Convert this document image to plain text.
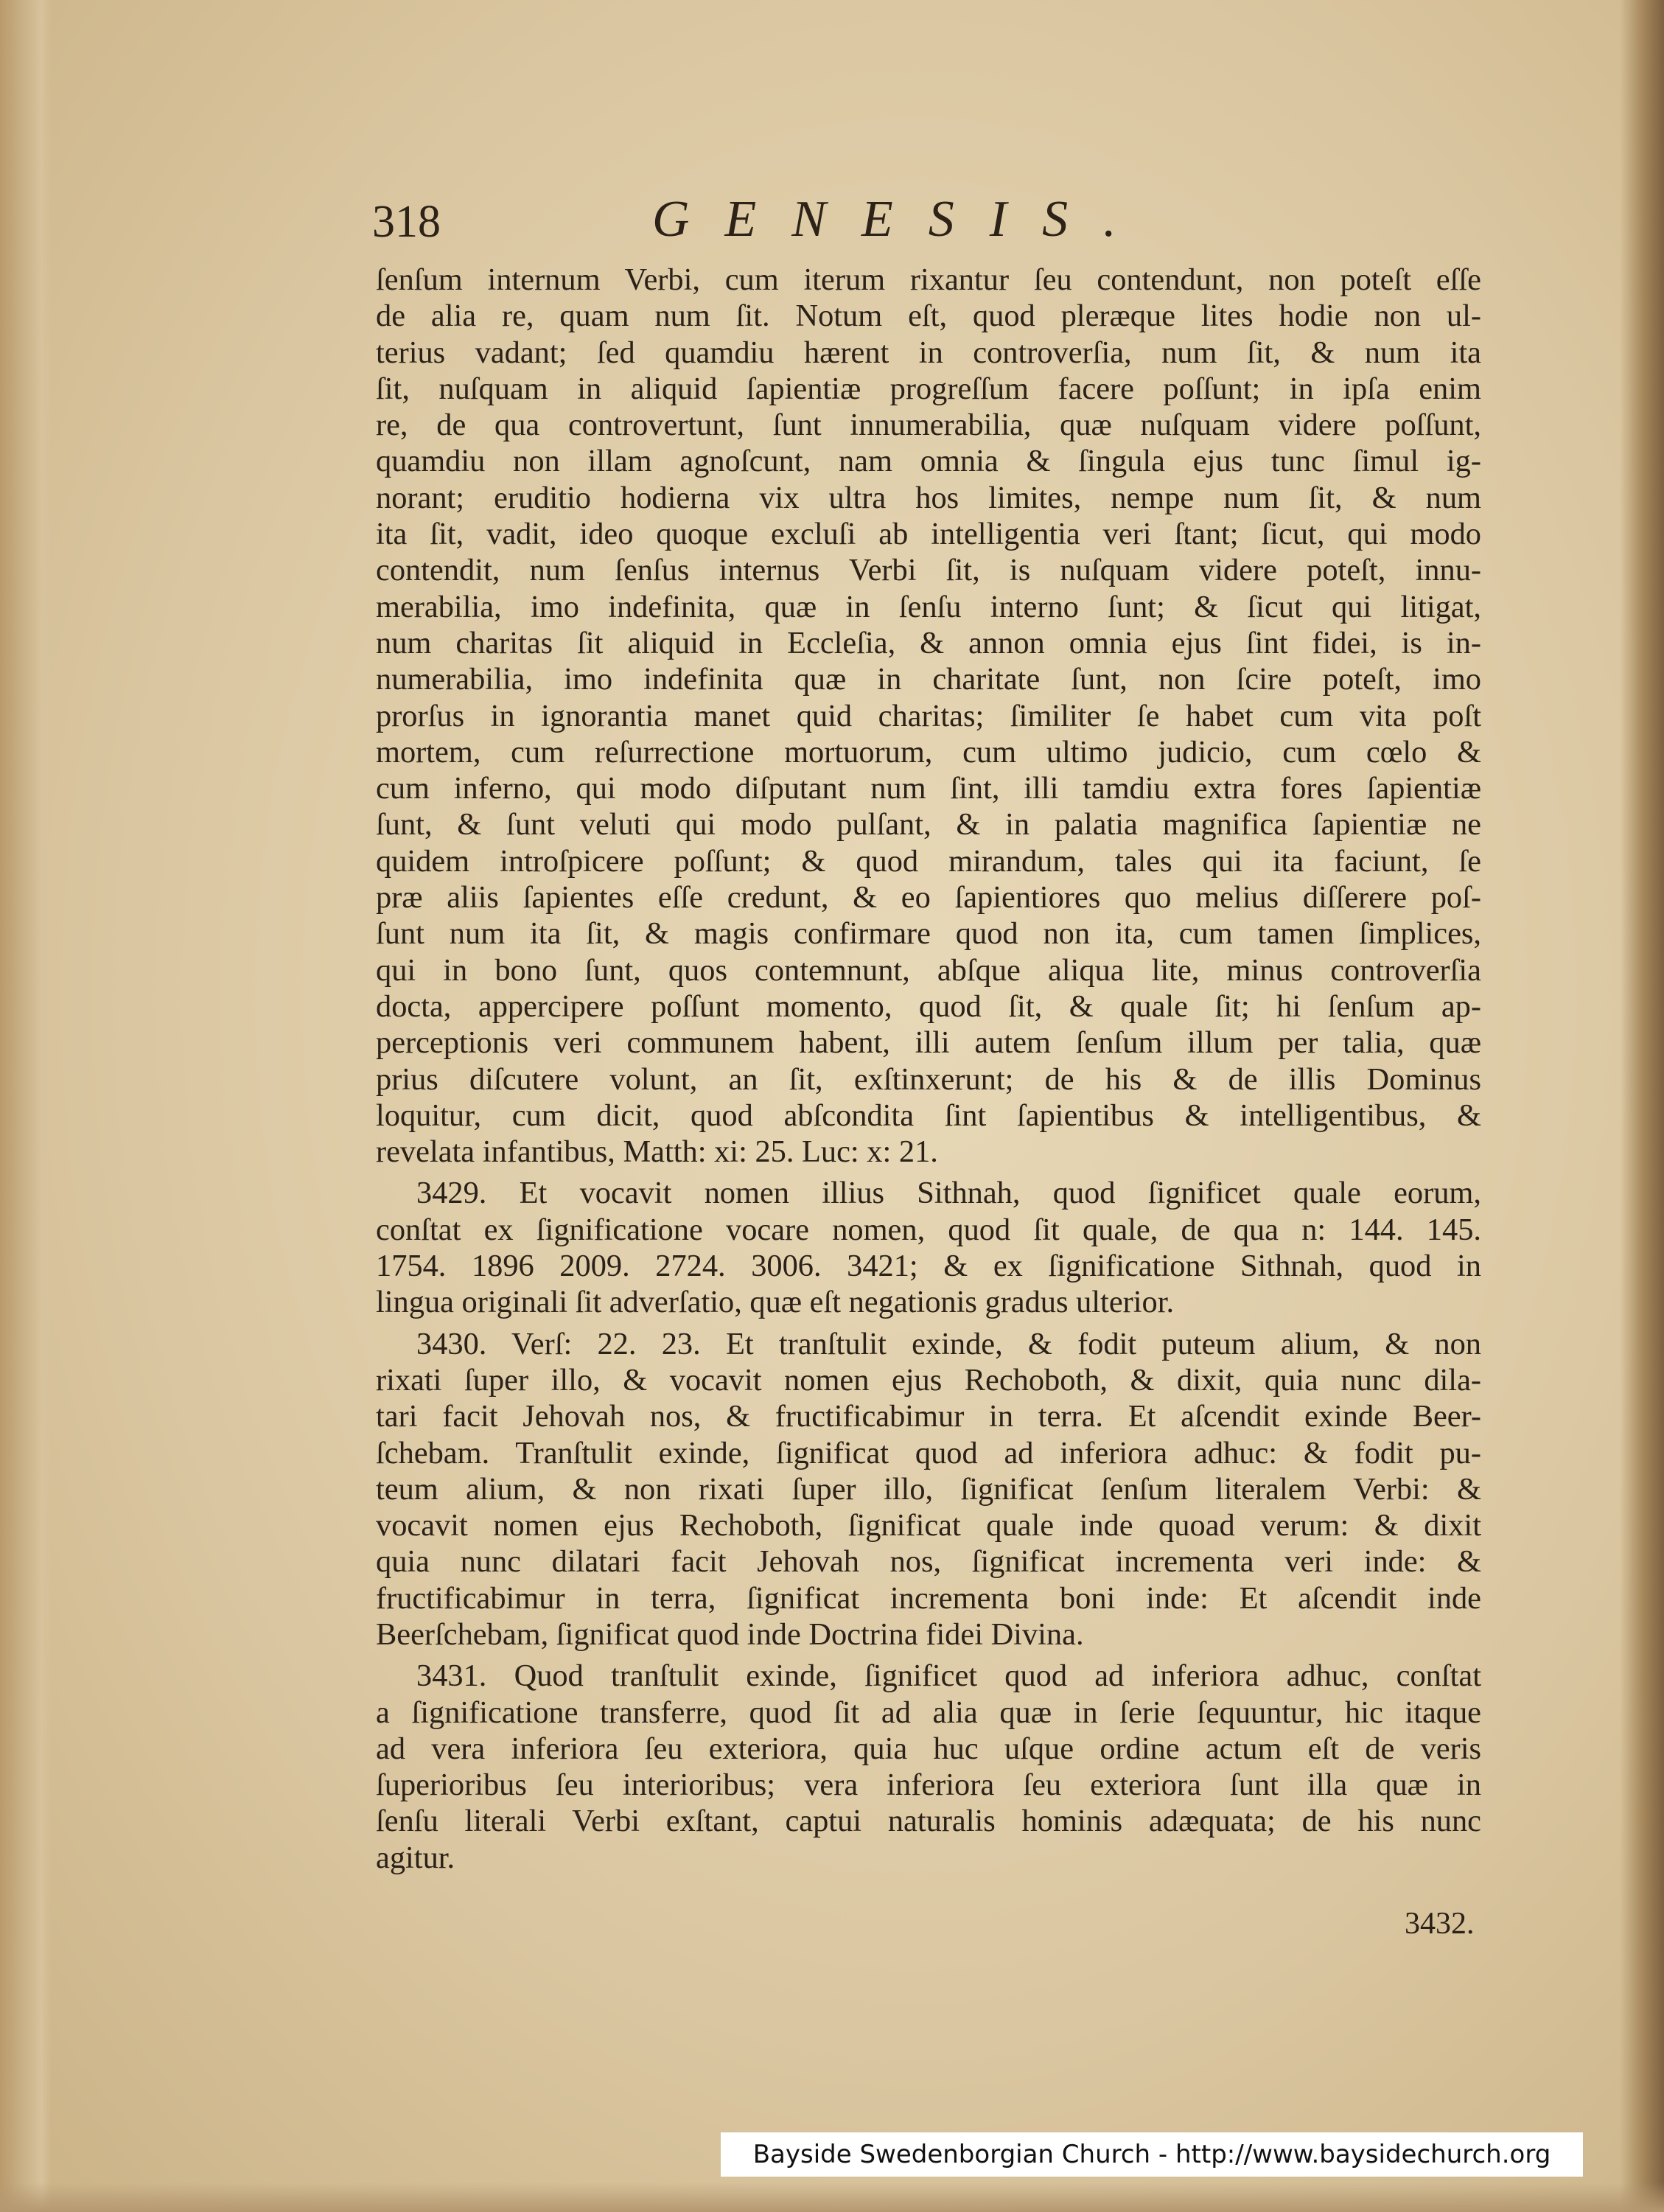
318	GENESIS.
ſenſum internum Verbi, cum iterum rixantur ſeu contendunt, non poteſt eſſe
de alia re, quam num ſit. Notum eſt, quod pleræque lites hodie non ul-
terius vadant; ſed quamdiu hærent in controverſia, num ſit, & num ita
ſit, nuſquam in aliquid ſapientiæ progreſſum facere poſſunt; in ipſa enim
re, de qua controvertunt, ſunt innumerabilia, quæ nuſquam videre poſſunt,
quamdiu non illam agnoſcunt, nam omnia & ſingula ejus tunc ſimul ig-
norant; eruditio hodierna vix ultra hos limites, nempe num ſit, & num
ita ſit, vadit, ideo quoque excluſi ab intelligentia veri ſtant; ſicut, qui modo
contendit, num ſenſus internus Verbi ſit, is nuſquam videre poteſt, innu-
merabilia, imo indefinita, quæ in ſenſu interno ſunt; & ſicut qui litigat,
num charitas ſit aliquid in Eccleſia, & annon omnia ejus ſint fidei, is in-
numerabilia, imo indefinita quæ in charitate ſunt, non ſcire poteſt, imo
prorſus in ignorantia manet quid charitas; ſimiliter ſe habet cum vita poſt
mortem, cum reſurrectione mortuorum, cum ultimo judicio, cum cœlo &
cum inferno, qui modo diſputant num ſint, illi tamdiu extra fores ſapientiæ
ſunt, & ſunt veluti qui modo pulſant, & in palatia magnifica ſapientiæ ne
quidem introſpicere poſſunt; & quod mirandum, tales qui ita faciunt, ſe
præ aliis ſapientes eſſe credunt, & eo ſapientiores quo melius diſſerere poſ-
ſunt num ita ſit, & magis confirmare quod non ita, cum tamen ſimplices,
qui in bono ſunt, quos contemnunt, abſque aliqua lite, minus controverſia
docta, appercipere poſſunt momento, quod ſit, & quale ſit; hi ſenſum ap-
perceptionis veri communem habent, illi autem ſenſum illum per talia, quæ
prius diſcutere volunt, an ſit, exſtinxerunt; de his & de illis Dominus
loquitur, cum dicit, quod abſcondita ſint ſapientibus & intelligentibus, &
revelata infantibus, Matth: xi: 25. Luc: x: 21.
3429. Et vocavit nomen illius Sithnah, quod ſignificet quale eorum,
conſtat ex ſignificatione vocare nomen, quod ſit quale, de qua n: 144. 145.
1754. 1896 2009. 2724. 3006. 3421; & ex ſignificatione Sithnah, quod in
lingua originali ſit adverſatio, quæ eſt negationis gradus ulterior.
3430. Verſ: 22. 23. Et tranſtulit exinde, & fodit puteum alium, & non
rixati ſuper illo, & vocavit nomen ejus Rechoboth, & dixit, quia nunc dila-
tari facit Jehovah nos, & fructificabimur in terra. Et aſcendit exinde Beer-
ſchebam. Tranſtulit exinde, ſignificat quod ad inferiora adhuc: & fodit pu-
teum alium, & non rixati ſuper illo, ſignificat ſenſum literalem Verbi: &
vocavit nomen ejus Rechoboth, ſignificat quale inde quoad verum: & dixit
quia nunc dilatari facit Jehovah nos, ſignificat incrementa veri inde: &
fructificabimur in terra, ſignificat incrementa boni inde: Et aſcendit inde
Beerſchebam, ſignificat quod inde Doctrina fidei Divina.
3431. Quod tranſtulit exinde, ſignificet quod ad inferiora adhuc, conſtat
a ſignificatione transferre, quod ſit ad alia quæ in ſerie ſequuntur, hic itaque
ad vera inferiora ſeu exteriora, quia huc uſque ordine actum eſt de veris
ſuperioribus ſeu interioribus; vera inferiora ſeu exteriora ſunt illa quæ in
ſenſu literali Verbi exſtant, captui naturalis hominis adæquata; de his nunc
agitur.
3432.
Bayside Swedenborgian Church - http://www.baysidechurch.org
